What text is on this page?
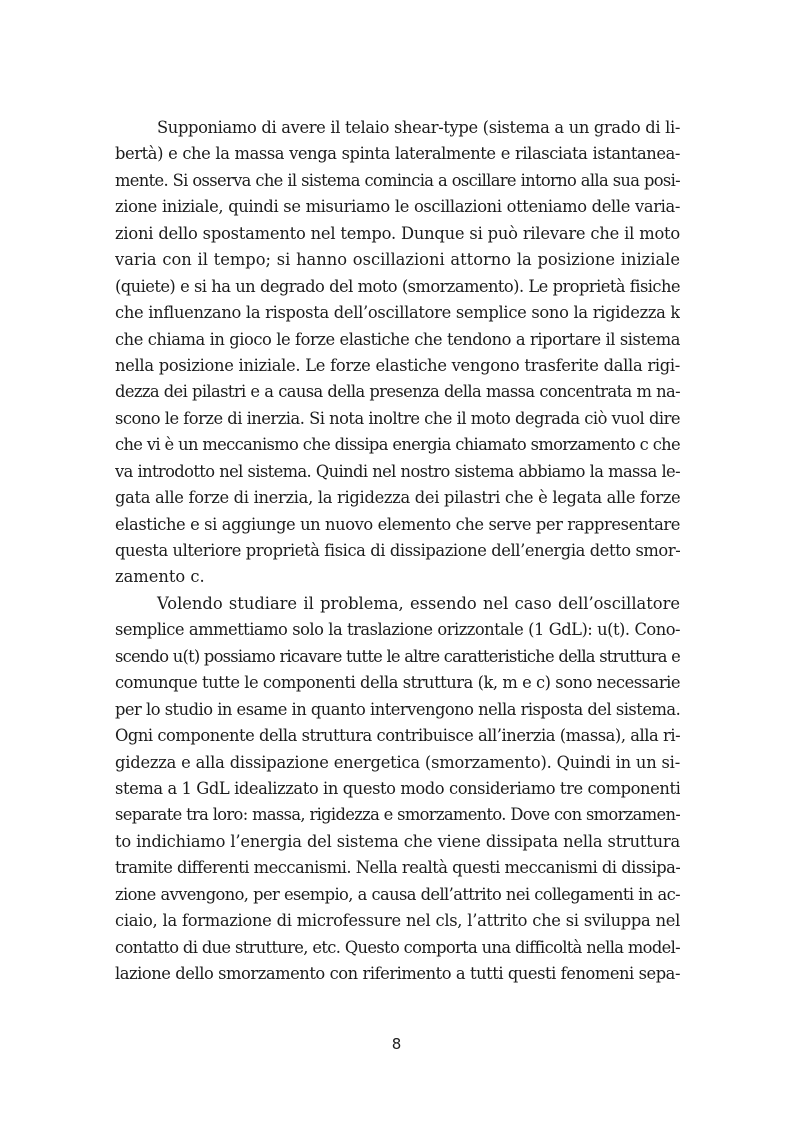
Supponiamo di avere il telaio shear-type (sistema a un grado di li-
bertà) e che la massa venga spinta lateralmente e rilasciata istantanea-
mente. Si osserva che il sistema comincia a oscillare intorno alla sua posi-
zione iniziale, quindi se misuriamo le oscillazioni otteniamo delle varia-
zioni dello spostamento nel tempo. Dunque si può rilevare che il moto
varia con il tempo; si hanno oscillazioni attorno la posizione iniziale
(quiete) e si ha un degrado del moto (smorzamento). Le proprietà fisiche
che influenzano la risposta dell’oscillatore semplice sono la rigidezza k
che chiama in gioco le forze elastiche che tendono a riportare il sistema
nella posizione iniziale. Le forze elastiche vengono trasferite dalla rigi-
dezza dei pilastri e a causa della presenza della massa concentrata m na-
scono le forze di inerzia. Si nota inoltre che il moto degrada ciò vuol dire
che vi è un meccanismo che dissipa energia chiamato smorzamento c che
va introdotto nel sistema. Quindi nel nostro sistema abbiamo la massa le-
gata alle forze di inerzia, la rigidezza dei pilastri che è legata alle forze
elastiche e si aggiunge un nuovo elemento che serve per rappresentare
questa ulteriore proprietà fisica di dissipazione dell’energia detto smor-
zamento c.
Volendo studiare il problema, essendo nel caso dell’oscillatore
semplice ammettiamo solo la traslazione orizzontale (1 GdL): u(t). Cono-
scendo u(t) possiamo ricavare tutte le altre caratteristiche della struttura e
comunque tutte le componenti della struttura (k, m e c) sono necessarie
per lo studio in esame in quanto intervengono nella risposta del sistema.
Ogni componente della struttura contribuisce all’inerzia (massa), alla ri-
gidezza e alla dissipazione energetica (smorzamento). Quindi in un si-
stema a 1 GdL idealizzato in questo modo consideriamo tre componenti
separate tra loro: massa, rigidezza e smorzamento. Dove con smorzamen-
to indichiamo l’energia del sistema che viene dissipata nella struttura
tramite differenti meccanismi. Nella realtà questi meccanismi di dissipa-
zione avvengono, per esempio, a causa dell’attrito nei collegamenti in ac-
ciaio, la formazione di microfessure nel cls, l’attrito che si sviluppa nel
contatto di due strutture, etc. Questo comporta una difficoltà nella model-
lazione dello smorzamento con riferimento a tutti questi fenomeni sepa-
8
